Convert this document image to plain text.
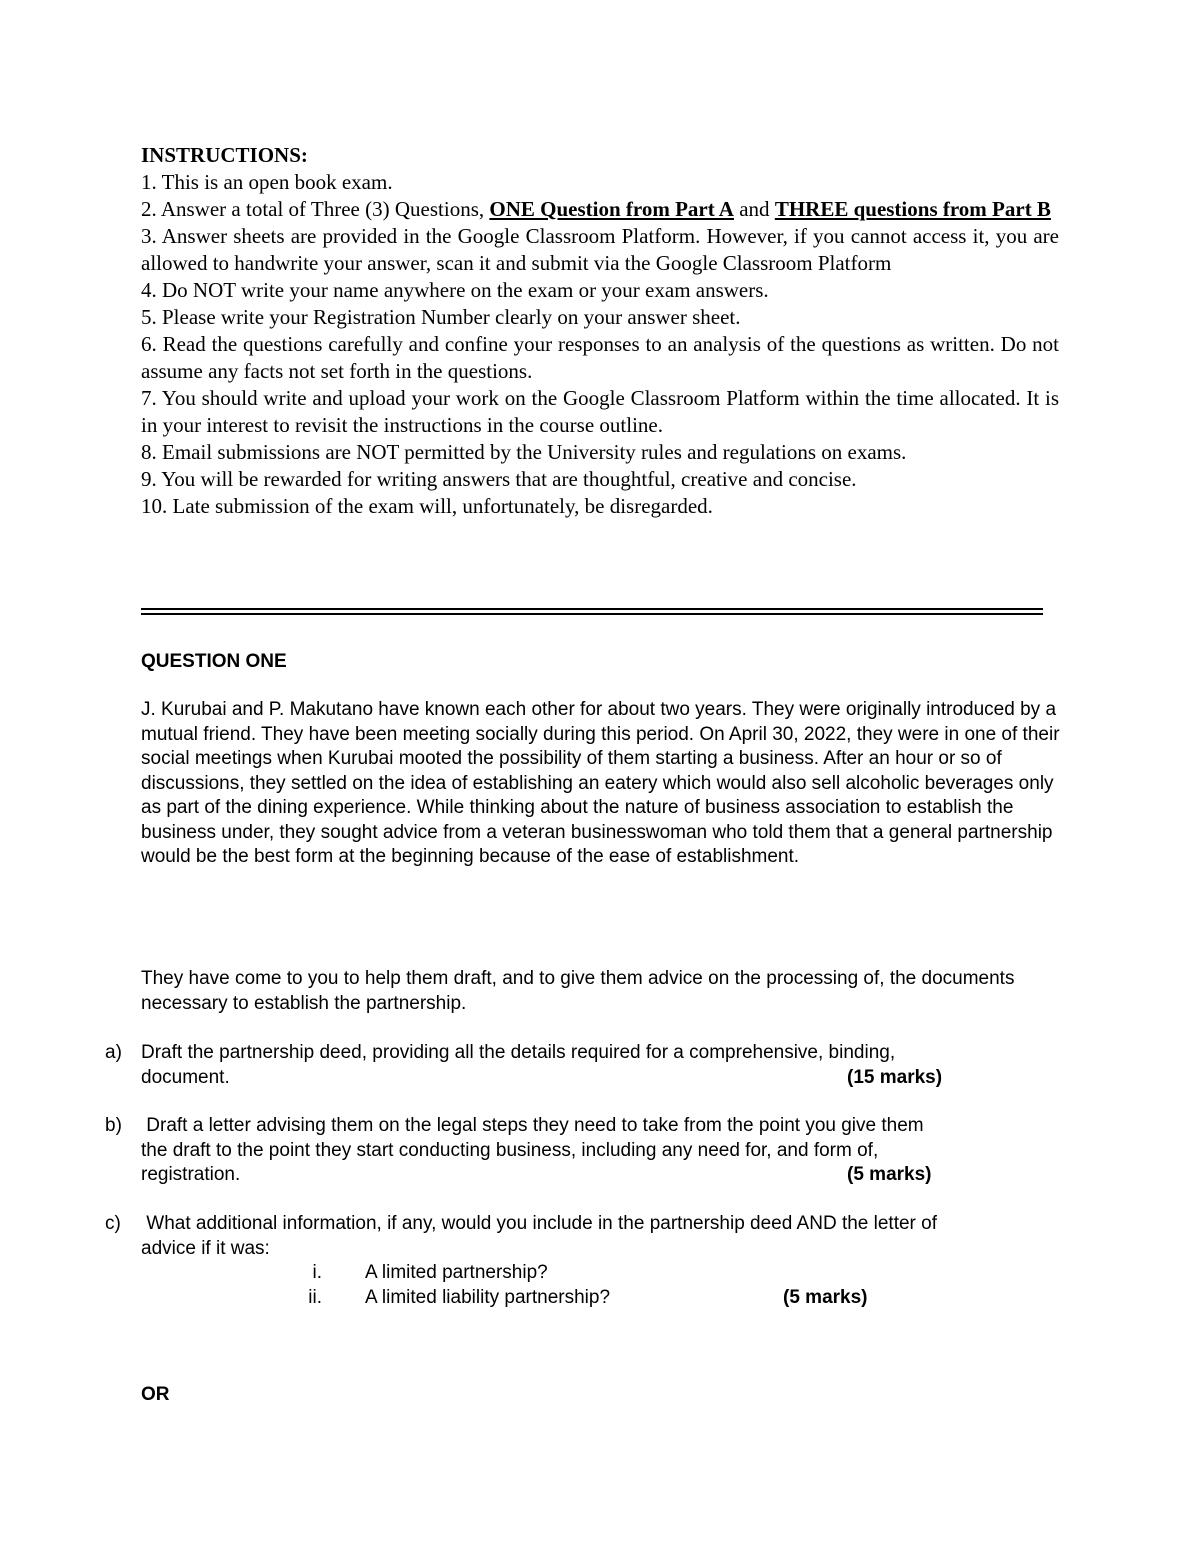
INSTRUCTIONS:

1. This is an open book exam.

2. Answer a total of Three (3) Questions, ONE Question from Part A and THREE questions from Part B

3. Answer sheets are provided in the Google Classroom Platform. However, if you cannot access it, you are allowed to handwrite your answer, scan it and submit via the Google Classroom Platform

4. Do NOT write your name anywhere on the exam or your exam answers.

5. Please write your Registration Number clearly on your answer sheet.

6. Read the questions carefully and confine your responses to an analysis of the questions as written. Do not assume any facts not set forth in the questions.

7. You should write and upload your work on the Google Classroom Platform within the time allocated. It is in your interest to revisit the instructions in the course outline.

8. Email submissions are NOT permitted by the University rules and regulations on exams.

9. You will be rewarded for writing answers that are thoughtful, creative and concise.

10. Late submission of the exam will, unfortunately, be disregarded.

QUESTION ONE

J. Kurubai and P. Makutano have known each other for about two years. They were originally introduced by a mutual friend. They have been meeting socially during this period. On April 30, 2022, they were in one of their social meetings when Kurubai mooted the possibility of them starting a business. After an hour or so of discussions, they settled on the idea of establishing an eatery which would also sell alcoholic beverages only as part of the dining experience. While thinking about the nature of business association to establish the business under, they sought advice from a veteran businesswoman who told them that a general partnership would be the best form at the beginning because of the ease of establishment.

They have come to you to help them draft, and to give them advice on the processing of, the documents necessary to establish the partnership.

a) Draft the partnership deed, providing all the details required for a comprehensive, binding,
document.	(15 marks)
b) Draft a letter advising them on the legal steps they need to take from the point you give them
the draft to the point they start conducting business, including any need for, and form of,
registration.	(5 marks)
c) What additional information, if any, would you include in the partnership deed AND the letter of
advice if it was:
i. A limited partnership?
ii. A limited liability partnership?	(5 marks)

OR
